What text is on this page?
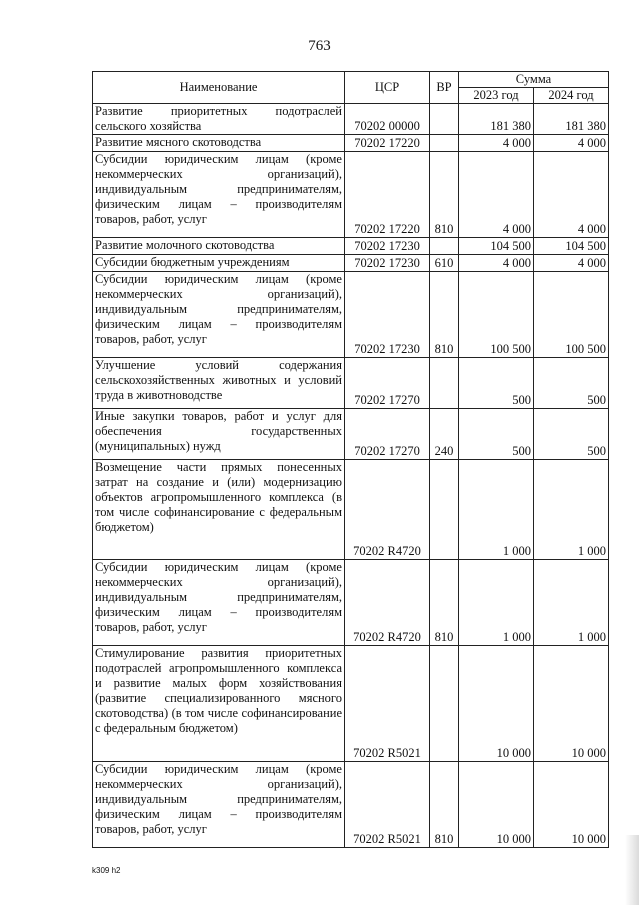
763
Наименование	ЦСР	ВР	Сумма	
			2023 год	2024 год
Развитие приоритетных подотраслей сельского хозяйства	70202 00000		181 380	181 380
Развитие мясного скотоводства	70202 17220		4 000	4 000
Субсидии юридическим лицам (кроме некоммерческих организаций), индивидуальным предпринимателям, физическим лицам – производителям товаров, работ, услуг	70202 17220	810	4 000	4 000
Развитие молочного скотоводства	70202 17230		104 500	104 500
Субсидии бюджетным учреждениям	70202 17230	610	4 000	4 000
Субсидии юридическим лицам (кроме некоммерческих организаций), индивидуальным предпринимателям, физическим лицам – производителям товаров, работ, услуг	70202 17230	810	100 500	100 500
Улучшение условий содержания сельскохозяйственных животных и условий труда в животноводстве	70202 17270		500	500
Иные закупки товаров, работ и услуг для обеспечения государственных (муниципальных) нужд	70202 17270	240	500	500
Возмещение части прямых понесенных затрат на создание и (или) модернизацию объектов агропромышленного комплекса (в том числе софинансирование с федеральным бюджетом)	70202 R4720		1 000	1 000
Субсидии юридическим лицам (кроме некоммерческих организаций), индивидуальным предпринимателям, физическим лицам – производителям товаров, работ, услуг	70202 R4720	810	1 000	1 000
Стимулирование развития приоритетных подотраслей агропромышленного комплекса и развитие малых форм хозяйствования (развитие специализированного мясного скотоводства) (в том числе софинансирование с федеральным бюджетом)	70202 R5021		10 000	10 000
Субсидии юридическим лицам (кроме некоммерческих организаций), индивидуальным предпринимателям, физическим лицам – производителям товаров, работ, услуг	70202 R5021	810	10 000	10 000
k309 h2
